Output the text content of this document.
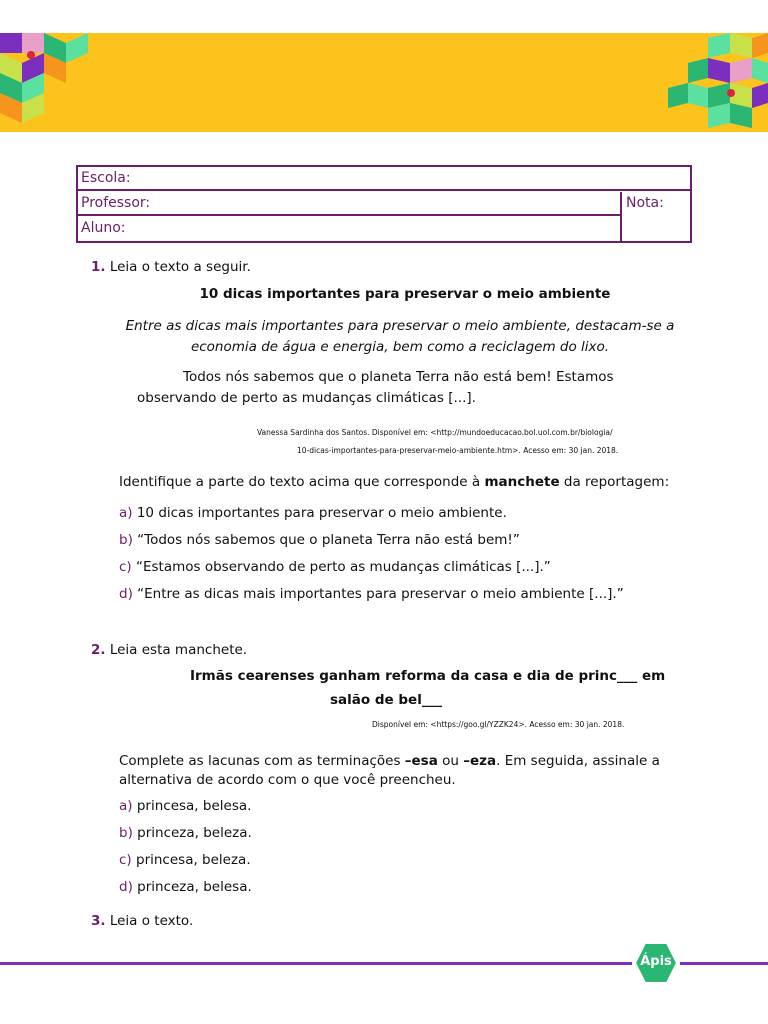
Escola:
Professor:
Aluno:
Nota:
1. Leia o texto a seguir.
10 dicas importantes para preservar o meio ambiente
Entre as dicas mais importantes para preservar o meio ambiente, destacam-se a
economia de água e energia, bem como a reciclagem do lixo.
Todos nós sabemos que o planeta Terra não está bem! Estamos
observando de perto as mudanças climáticas [...].
Vanessa Sardinha dos Santos. Disponível em: <http://mundoeducacao.bol.uol.com.br/biologia/
10-dicas-importantes-para-preservar-meio-ambiente.htm>. Acesso em: 30 jan. 2018.
Identifique a parte do texto acima que corresponde à manchete da reportagem:
a) 10 dicas importantes para preservar o meio ambiente.
b) “Todos nós sabemos que o planeta Terra não está bem!”
c) “Estamos observando de perto as mudanças climáticas [...].”
d) “Entre as dicas mais importantes para preservar o meio ambiente [...].”
2. Leia esta manchete.
Irmãs cearenses ganham reforma da casa e dia de princ___ em
salão de bel___
Disponível em: <https://goo.gl/YZZK24>. Acesso em: 30 jan. 2018.
Complete as lacunas com as terminações –esa ou –eza. Em seguida, assinale a
alternativa de acordo com o que você preencheu.
a) princesa, belesa.
b) princeza, beleza.
c) princesa, beleza.
d) princeza, belesa.
3. Leia o texto.
Ápis
